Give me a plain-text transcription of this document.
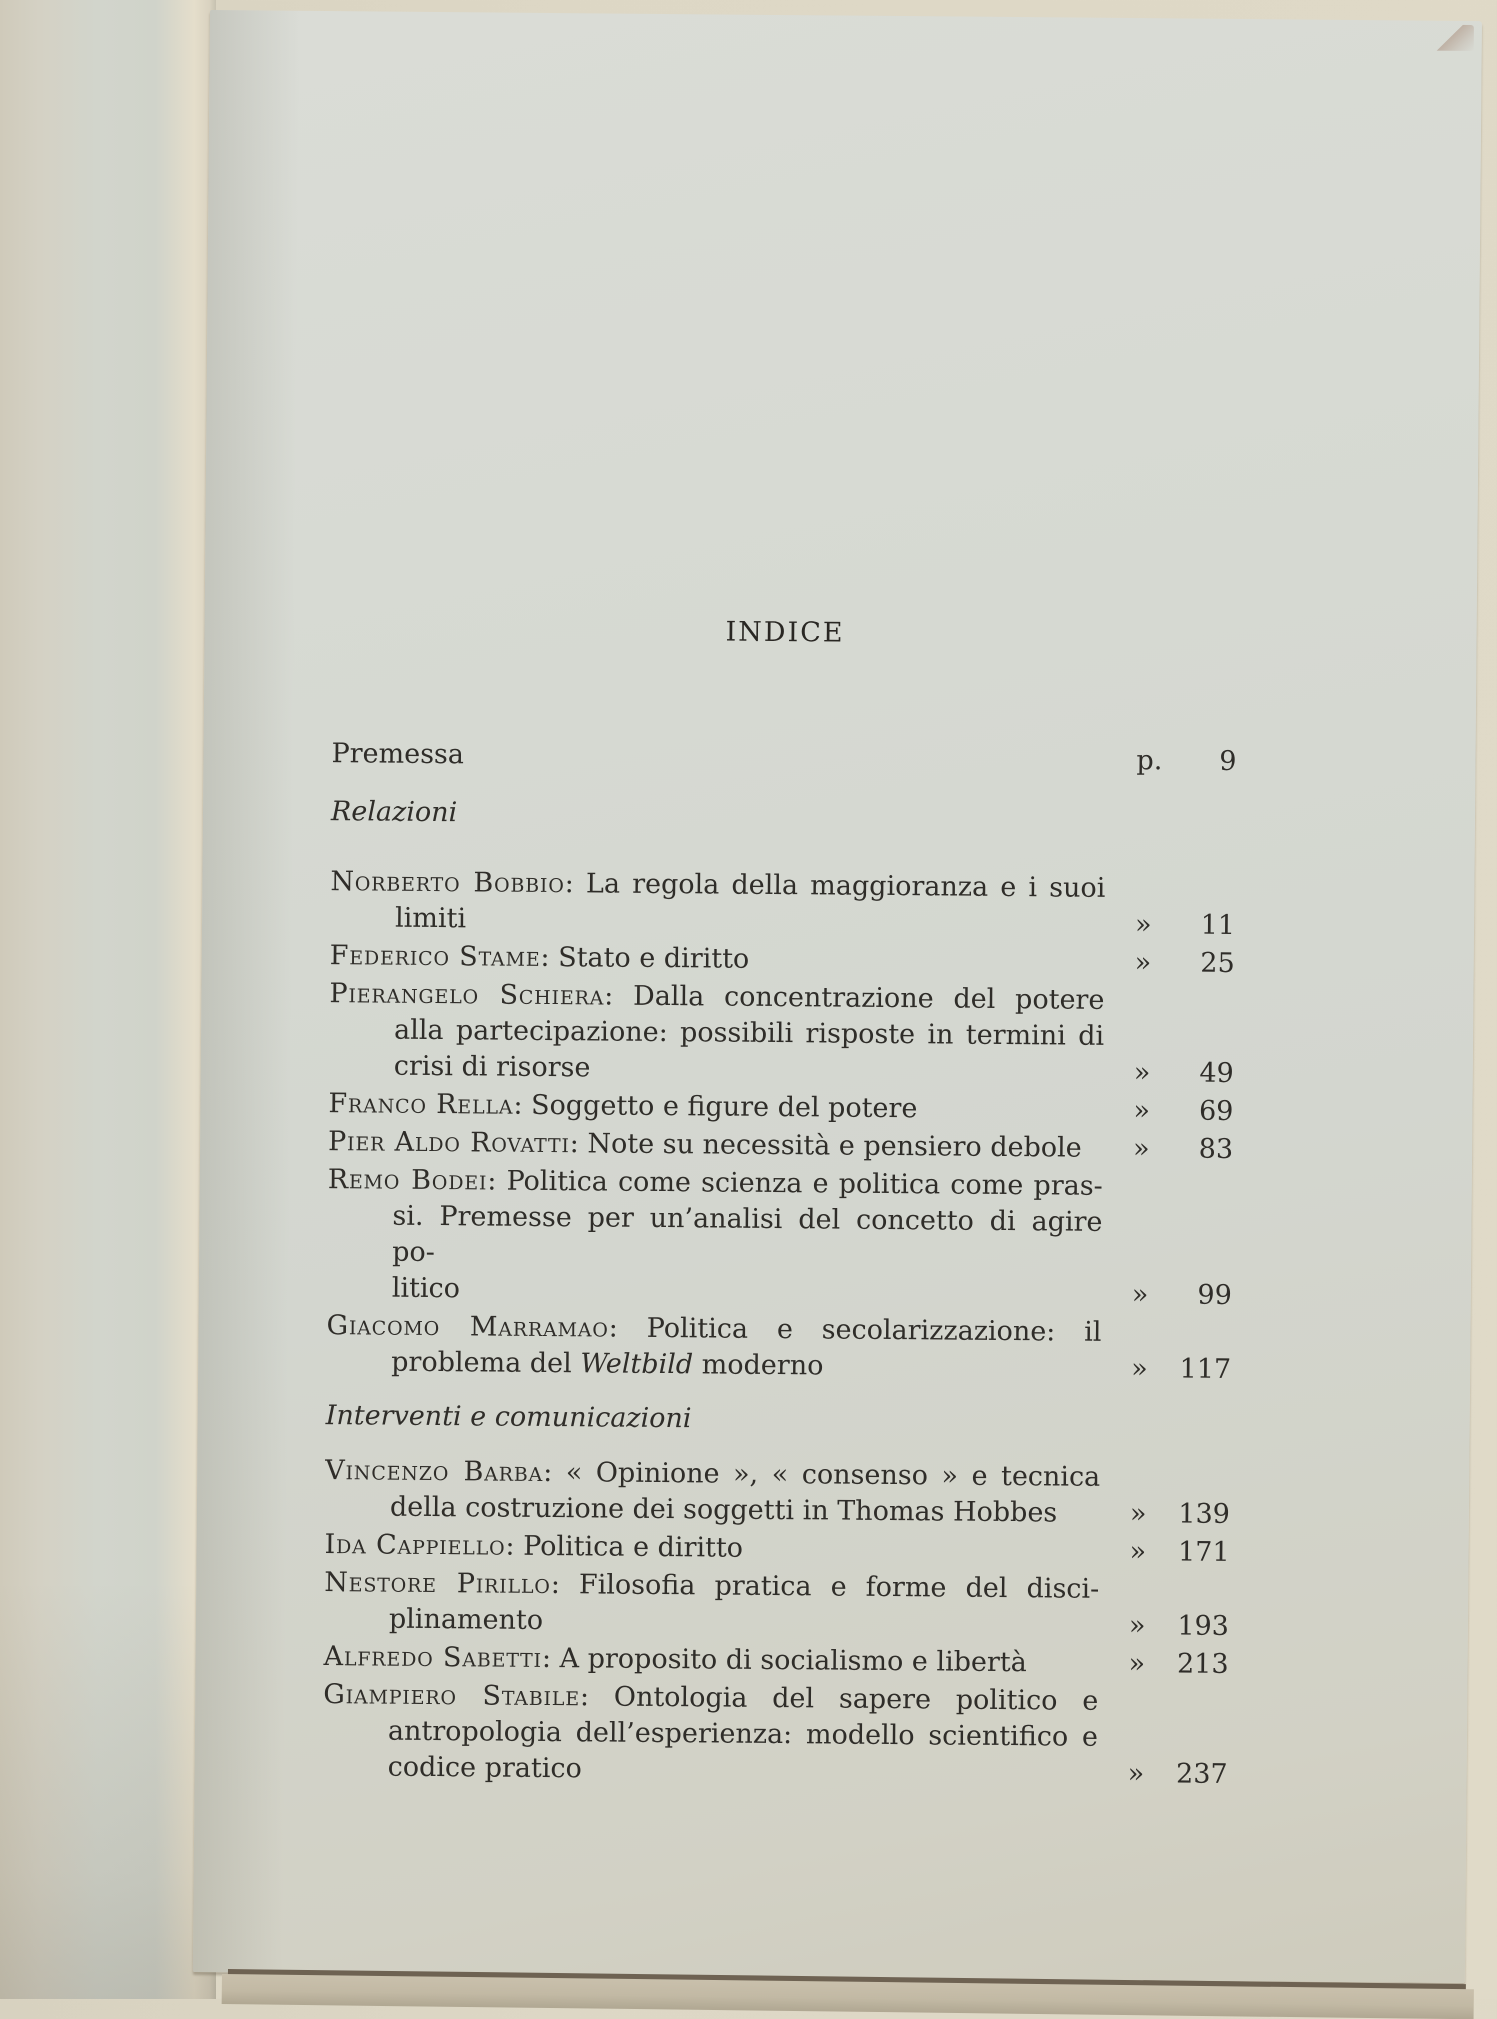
INDICE
Premessa	p.	9
Relazioni
Norberto Bobbio: La regola della maggioranza e i suoi
limiti	»	11
Federico Stame: Stato e diritto	»	25
Pierangelo Schiera: Dalla concentrazione del potere
alla partecipazione: possibili risposte in termini di
crisi di risorse	»	49
Franco Rella: Soggetto e figure del potere	»	69
Pier Aldo Rovatti: Note su necessità e pensiero debole	»	83
Remo Bodei: Politica come scienza e politica come pras-
si. Premesse per un’analisi del concetto di agire po-
litico	»	99
Giacomo Marramao: Politica e secolarizzazione: il
problema del Weltbild moderno	» 117
Interventi e comunicazioni
Vincenzo Barba: « Opinione », « consenso » e tecnica
della costruzione dei soggetti in Thomas Hobbes	» 139
Ida Cappiello: Politica e diritto	» 171
Nestore Pirillo: Filosofia pratica e forme del disci-
plinamento	» 193
Alfredo Sabetti: A proposito di socialismo e libertà	» 213
Giampiero Stabile: Ontologia del sapere politico e
antropologia dell’esperienza: modello scientifico e
codice pratico	» 237
